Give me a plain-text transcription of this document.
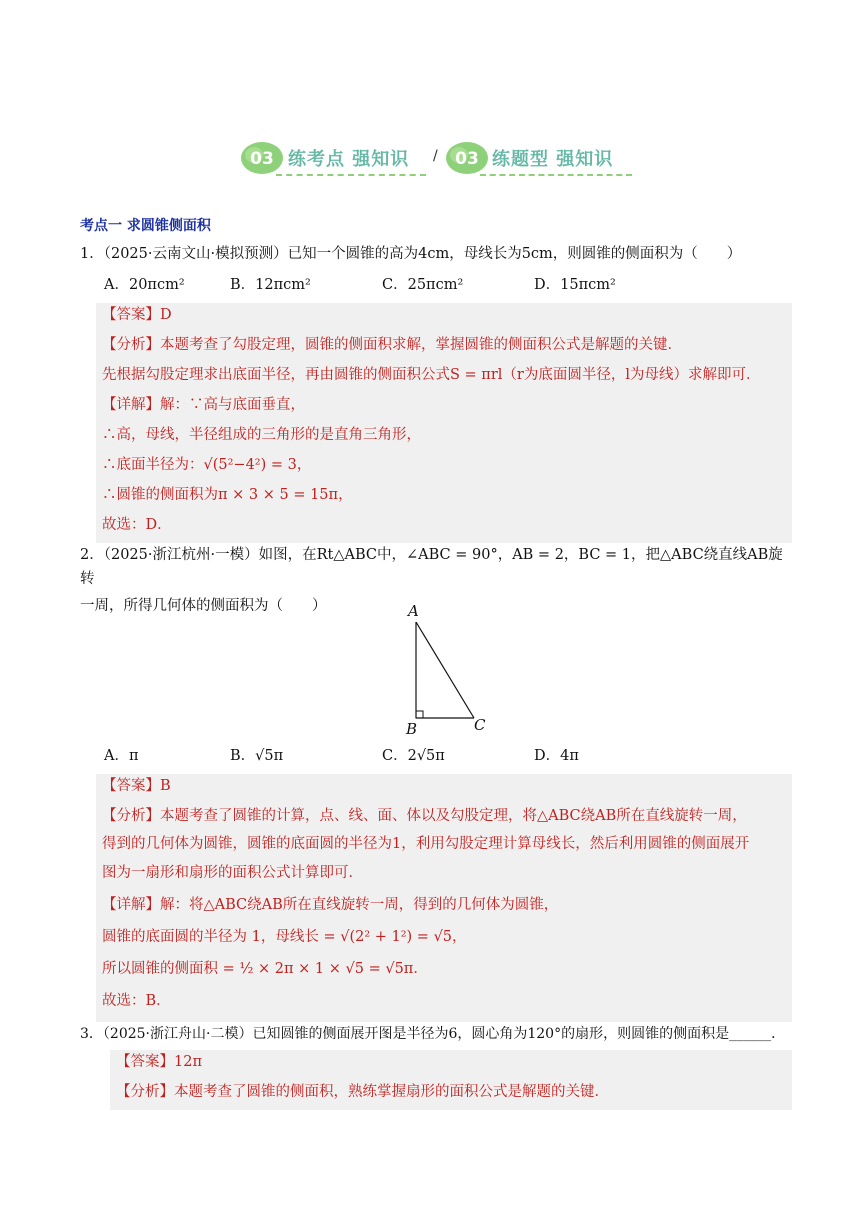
03 练考点 强知识 / 03 练题型 强知识
考点一 求圆锥侧面积
1．（2025·云南文山·模拟预测）已知一个圆锥的高为4cm，母线长为5cm，则圆锥的侧面积为（　　）
A．20πcm²	B．12πcm²	C．25πcm²	D．15πcm²
【答案】D
【分析】本题考查了勾股定理，圆锥的侧面积求解，掌握圆锥的侧面积公式是解题的关键．
先根据勾股定理求出底面半径，再由圆锥的侧面积公式S = πrl（r为底面圆半径，l为母线）求解即可．
【详解】解：∵高与底面垂直，
∴高，母线，半径组成的三角形的是直角三角形，
∴底面半径为：√(5²−4²) = 3，
∴圆锥的侧面积为π × 3 × 5 = 15π，
故选：D．
2．（2025·浙江杭州·一模）如图，在Rt△ABC中，∠ABC = 90°，AB = 2，BC = 1，把△ABC绕直线AB旋转
一周，所得几何体的侧面积为（　　）	A
B	C
A．π	B．√5π	C．2√5π	D．4π
【答案】B
【分析】本题考查了圆锥的计算，点、线、面、体以及勾股定理，将△ABC绕AB所在直线旋转一周，
得到的几何体为圆锥，圆锥的底面圆的半径为1，利用勾股定理计算母线长，然后利用圆锥的侧面展开
图为一扇形和扇形的面积公式计算即可．
【详解】解：将△ABC绕AB所在直线旋转一周，得到的几何体为圆锥，
圆锥的底面圆的半径为 1，母线长 = √(2² + 1²) = √5，
所以圆锥的侧面积 = ½ × 2π × 1 × √5 = √5π．
故选：B．
3．（2025·浙江舟山·二模）已知圆锥的侧面展开图是半径为6，圆心角为120°的扇形，则圆锥的侧面积是______．
【答案】12π
【分析】本题考查了圆锥的侧面积，熟练掌握扇形的面积公式是解题的关键．
